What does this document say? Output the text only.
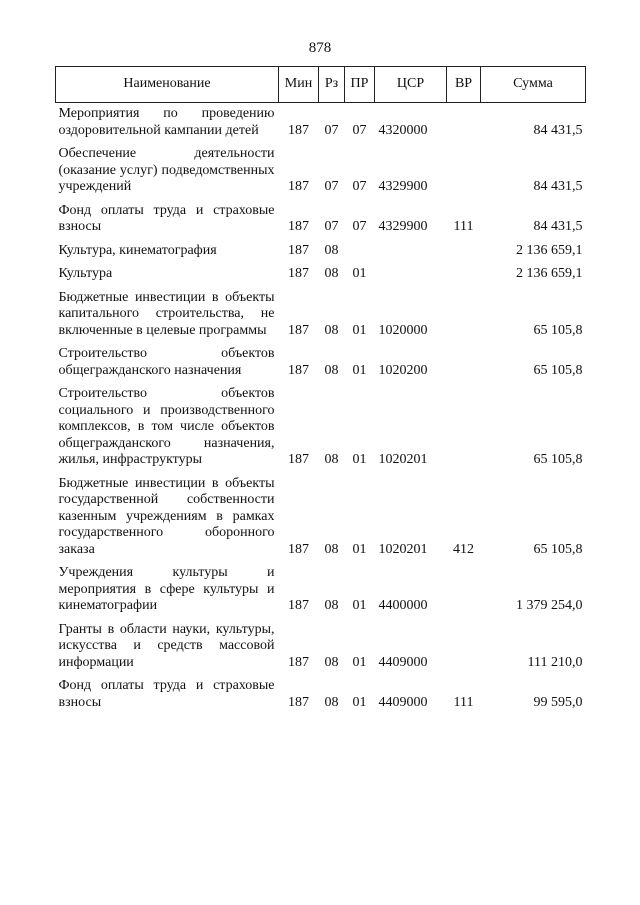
878
Наименование	Мин	Рз	ПР	ЦСР	ВР	Сумма
Мероприятия по проведению оздоровительной кампании детей	187	07	07	4320000		84 431,5
Обеспечение деятельности (оказание услуг) подведомственных учреждений	187	07	07	4329900		84 431,5
Фонд оплаты труда и страховые взносы	187	07	07	4329900	111	84 431,5
Культура, кинематография	187	08				2 136 659,1
Культура	187	08	01			2 136 659,1
Бюджетные инвестиции в объекты капитального строительства, не включенные в целевые программы	187	08	01	1020000		65 105,8
Строительство объектов общегражданского назначения	187	08	01	1020200		65 105,8
Строительство объектов социального и производственного комплексов, в том числе объектов общегражданского назначения, жилья, инфраструктуры	187	08	01	1020201		65 105,8
Бюджетные инвестиции в объекты государственной собственности казенным учреждениям в рамках государственного оборонного заказа	187	08	01	1020201	412	65 105,8
Учреждения культуры и мероприятия в сфере культуры и кинематографии	187	08	01	4400000		1 379 254,0
Гранты в области науки, культуры, искусства и средств массовой информации	187	08	01	4409000		111 210,0
Фонд оплаты труда и страховые взносы	187	08	01	4409000	111	99 595,0
